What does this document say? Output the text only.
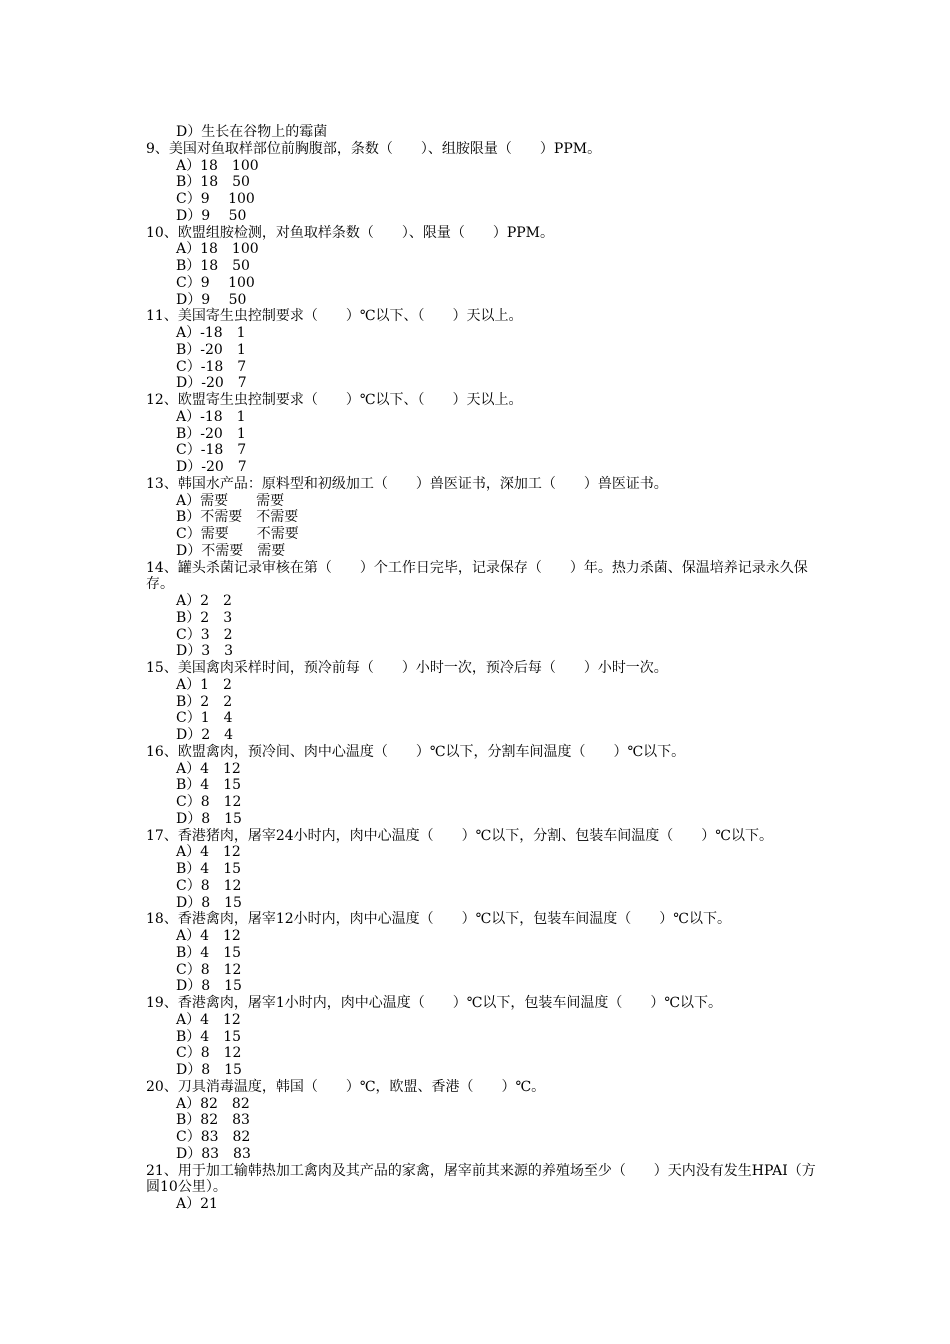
D）生长在谷物上的霉菌
9、美国对鱼取样部位前胸腹部，条数（　　）、组胺限量（　　）PPM。
A）18　100
B）18　50
C）9　 100
D）9　 50
10、欧盟组胺检测，对鱼取样条数（　　）、限量（　　）PPM。
A）18　100
B）18　50
C）9　 100
D）9　 50
11、美国寄生虫控制要求（　　）℃以下、（　　）天以上。
A）-18　1
B）-20　1
C）-18　7
D）-20　7
12、欧盟寄生虫控制要求（　　）℃以下、（　　）天以上。
A）-18　1
B）-20　1
C）-18　7
D）-20　7
13、韩国水产品：原料型和初级加工（　　）兽医证书，深加工（　　）兽医证书。
A）需要　　需要
B）不需要　不需要
C）需要　　不需要
D）不需要　需要
14、罐头杀菌记录审核在第（　　）个工作日完毕，记录保存（　　）年。热力杀菌、保温培养记录永久保存。
A）2　2
B）2　3
C）3　2
D）3　3
15、美国禽肉采样时间，预冷前每（　　）小时一次，预冷后每（　　）小时一次。
A）1　2
B）2　2
C）1　4
D）2　4
16、欧盟禽肉，预冷间、肉中心温度（　　）℃以下，分割车间温度（　　）℃以下。
A）4　12
B）4　15
C）8　12
D）8　15
17、香港猪肉，屠宰24小时内，肉中心温度（　　）℃以下，分割、包装车间温度（　　）℃以下。
A）4　12
B）4　15
C）8　12
D）8　15
18、香港禽肉，屠宰12小时内，肉中心温度（　　）℃以下，包装车间温度（　　）℃以下。
A）4　12
B）4　15
C）8　12
D）8　15
19、香港禽肉，屠宰1小时内，肉中心温度（　　）℃以下，包装车间温度（　　）℃以下。
A）4　12
B）4　15
C）8　12
D）8　15
20、刀具消毒温度，韩国（　　）℃，欧盟、香港（　　）℃。
A）82　82
B）82　83
C）83　82
D）83　83
21、用于加工输韩热加工禽肉及其产品的家禽，屠宰前其来源的养殖场至少（　　）天内没有发生HPAI（方圆10公里）。
A）21
